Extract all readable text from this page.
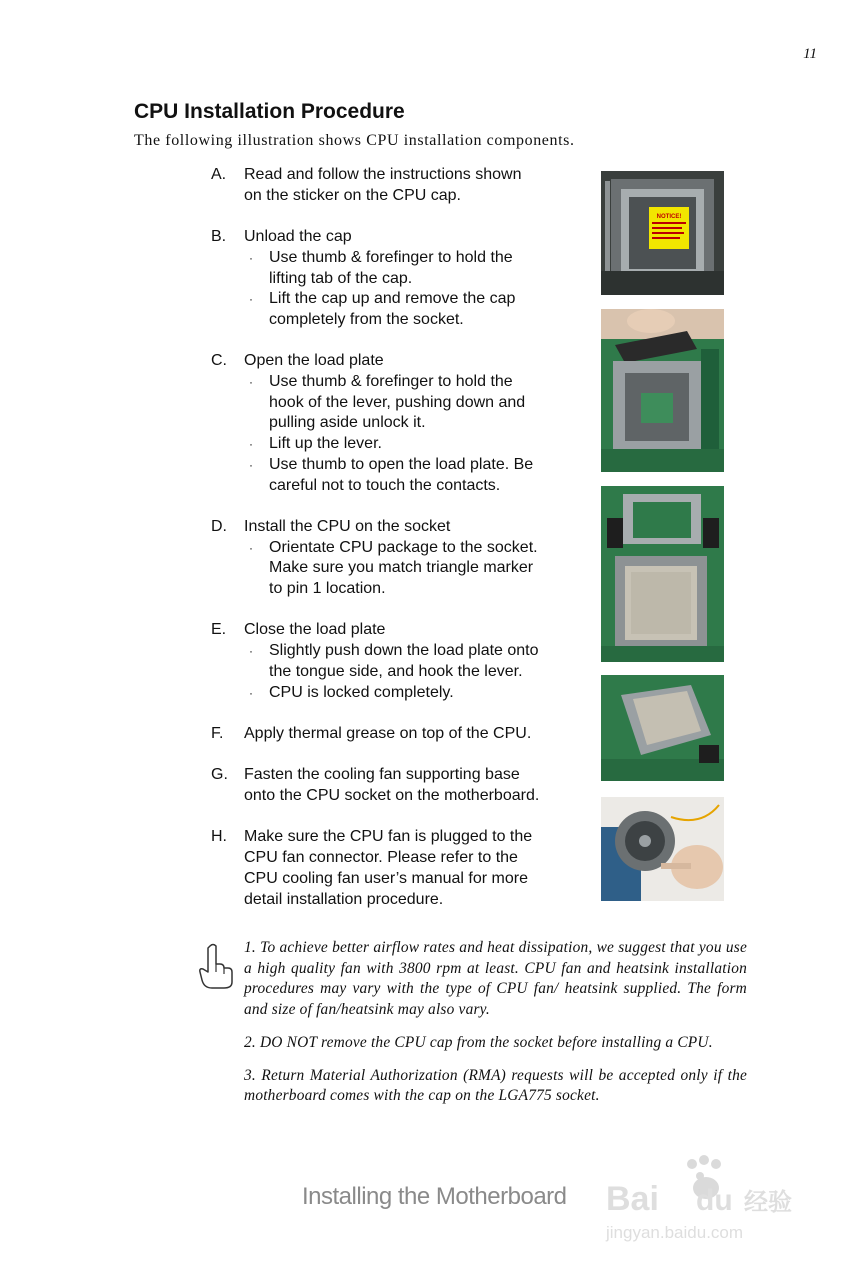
11
CPU Installation Procedure

The following illustration shows CPU installation components.

A.	Read and follow the instructions shown
on the sticker on the CPU cap.
B.	Unload the cap
·	Use thumb & forefinger to hold the
lifting tab of the cap.
·	Lift the cap up and remove the cap
completely from the socket.
C.	Open the load plate
·	Use thumb & forefinger to hold the
hook of the lever, pushing down and
pulling aside unlock it.
·	Lift up the lever.
·	Use thumb to open the load plate. Be
careful not to touch the contacts.
D.	Install the CPU on the socket
·	Orientate CPU package to the socket.
Make sure you match triangle marker
to pin 1 location.
E.	Close the load plate
·	Slightly push down the load plate onto
the tongue side, and hook the lever.
·	CPU is locked completely.
F.	Apply thermal grease on top of the CPU.
G.	Fasten the cooling fan supporting base
onto the CPU socket on the motherboard.
H.	Make sure the CPU fan is plugged to the
CPU fan connector. Please refer to the
CPU cooling fan user’s manual for more
detail installation procedure.
NOTICE!

1. To achieve better airflow rates and heat dissipation, we suggest that you use a high quality fan with 3800 rpm at least. CPU fan and heatsink installation procedures may vary with the type of CPU fan/ heatsink supplied. The form and size of fan/heatsink may also vary.

2. DO NOT remove the CPU cap from the socket before installing a CPU.

3. Return Material Authorization (RMA) requests will be accepted only if the motherboard comes with the cap on the LGA775 socket.

Installing the Motherboard Bai du 经验
jingyan.baidu.com
